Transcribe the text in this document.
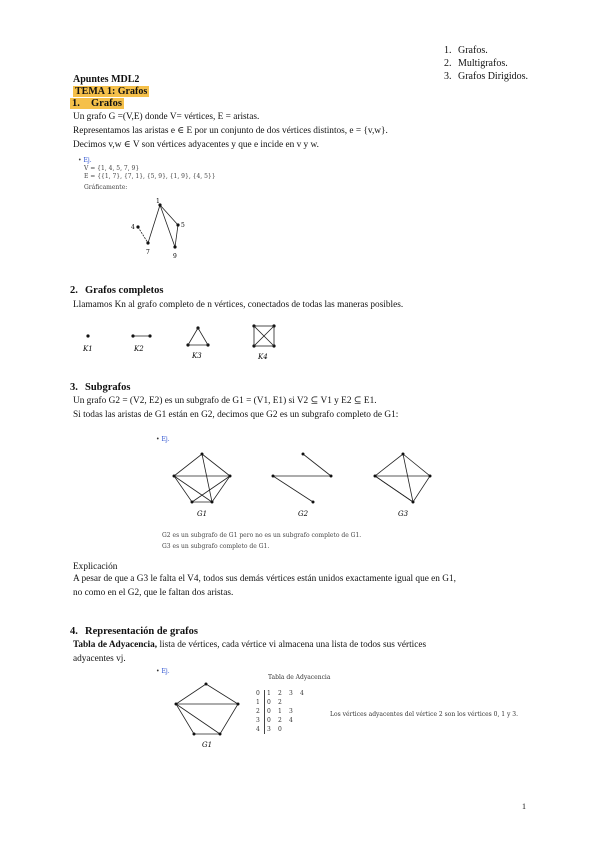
1. Grafos.
2. Multigrafos.
3. Grafos Dirigidos.
Apuntes MDL2
TEMA 1: Grafos
1. Grafos
Un grafo G =(V,E) donde V= vértices, E = aristas.
Representamos las aristas e ∈ E por un conjunto de dos vértices distintos, e = {v,w}.
Decimos v,w ∈ V son vértices adyacentes y que e incide en v y w.
• Ej.
V = {1, 4, 5, 7, 9}
E = {{1, 7}, {7, 1}, {5, 9}, {1, 9}, {4, 5}}
Gráficamente:
1
4
7
9
5
2. Grafos completos
Llamamos Kn al grafo completo de n vértices, conectados de todas las maneras posibles.
K1	K2
K3	K4
3. Subgrafos
Un grafo G2 = (V2, E2) es un subgrafo de G1 = (V1, E1) si V2 ⊆ V1 y E2 ⊆ E1.
Si todas las aristas de G1 están en G2, decimos que G2 es un subgrafo completo de G1:
• Ej.
G1	G2	G3
G2 es un subgrafo de G1 pero no es un subgrafo completo de G1.
G3 es un subgrafo completo de G1.
Explicación
A pesar de que a G3 le falta el V4, todos sus demás vértices están unidos exactamente igual que en G1,
no como en el G2, que le faltan dos aristas.
4. Representación de grafos
Tabla de Adyacencia, lista de vértices, cada vértice vi almacena una lista de todos sus vértices
adyacentes vj.
• Ej.
G1
Tabla de Adyacencia
0 1 2 3 4
1 0 2
2 0 1 3
3 0 2 4
4 3 0
Los vértices adyacentes del vértice 2 son los vértices 0, 1 y 3.
1
